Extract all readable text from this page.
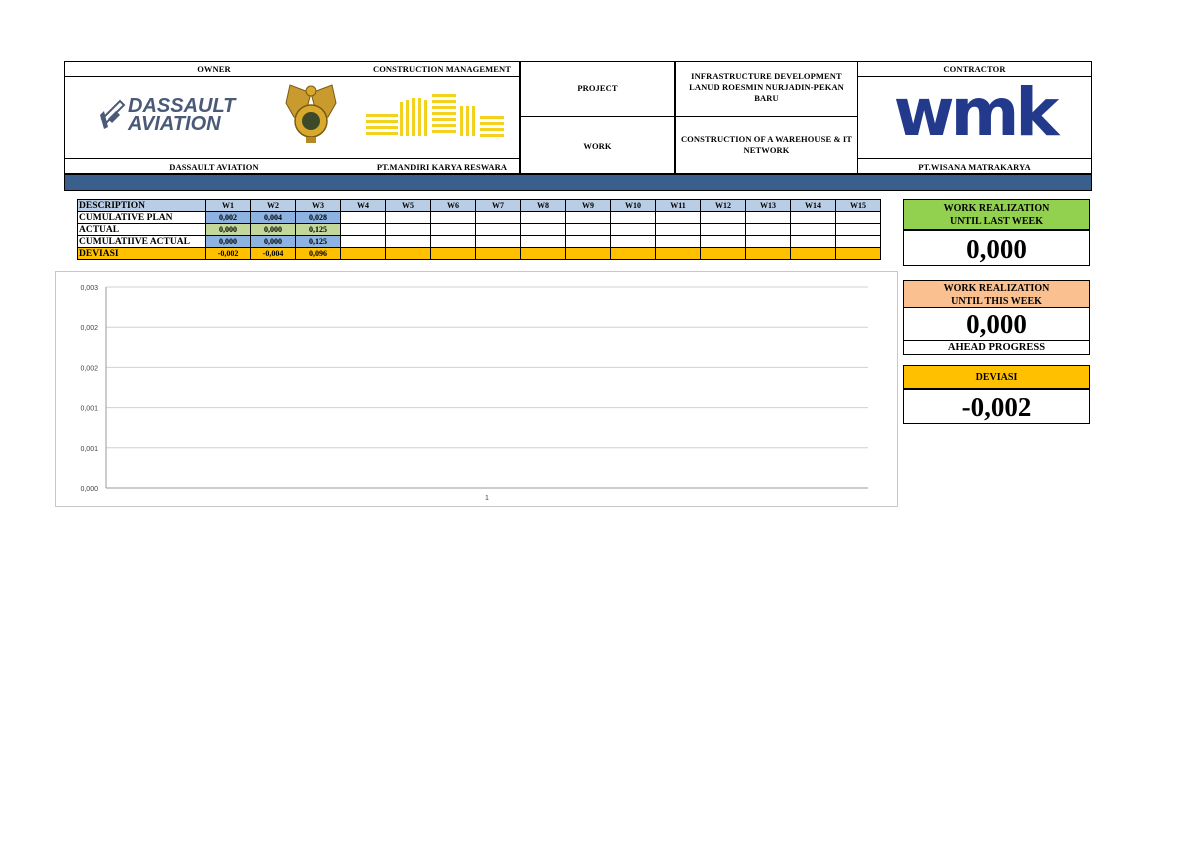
OWNER	CONSTRUCTION MANAGEMENT
DASSAULT AVIATION	PT.MANDIRI KARYA RESWARA
DASSAULT
AVIATION
PROJECT
INFRASTRUCTURE DEVELOPMENT LANUD ROESMIN NURJADIN-PEKAN BARU
WORK
CONSTRUCTION OF A WAREHOUSE & IT NETWORK
CONTRACTOR
PT.WISANA MATRAKARYA
wmk
DESCRIPTION	W1	W2	W3	W4	W5	W6	W7	W8	W9	W10	W11	W12	W13	W14	W15
CUMULATIVE PLAN	0,002	0,004	0,028												
ACTUAL	0,000	0,000	0,125												
CUMULATIIVE ACTUAL	0,000	0,000	0,125												
DEVIASI	-0,002	-0,004	0,096												
0,003
0,002
0,002
0,001
0,001
0,000
1
WORK REALIZATION
UNTIL LAST WEEK
0,000
WORK REALIZATION
UNTIL THIS WEEK
0,000
AHEAD PROGRESS
DEVIASI
-0,002
